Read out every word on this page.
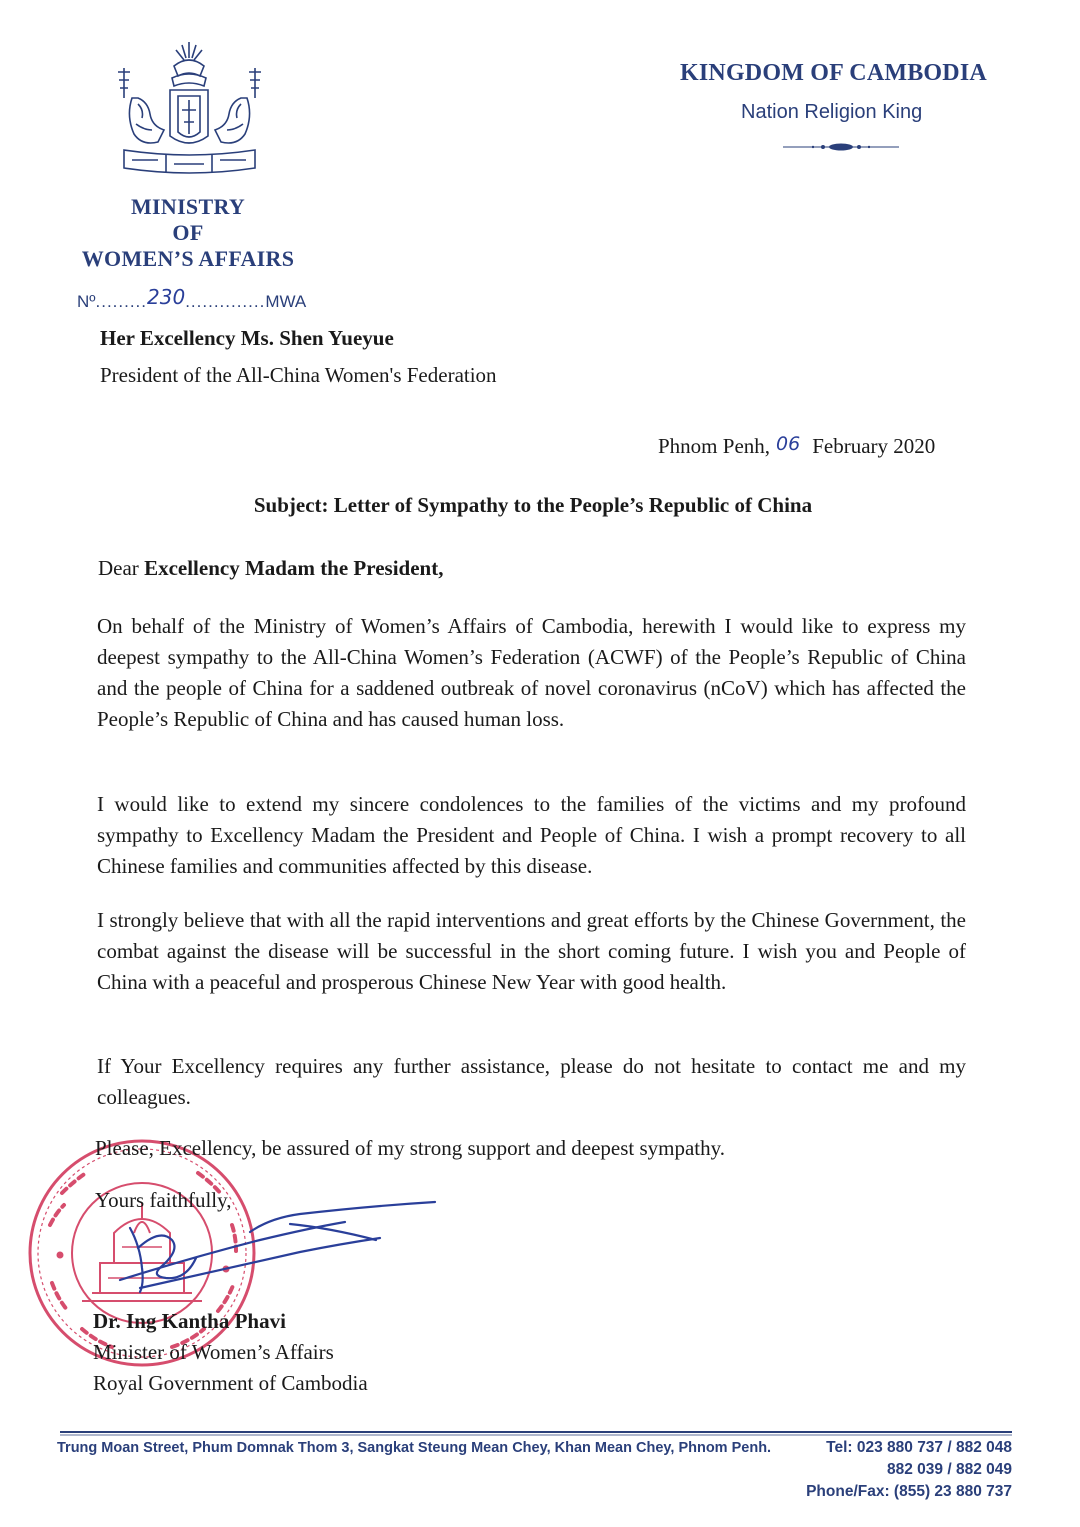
MINISTRY
OF
WOMEN’S AFFAIRS
Nº.........230..............MWA
KINGDOM OF CAMBODIA
Nation Religion King
Her Excellency Ms. Shen Yueyue
President of the All-China Women's Federation
Phnom Penh, 06 February 2020
Subject: Letter of Sympathy to the People’s Republic of China
Dear Excellency Madam the President,
On behalf of the Ministry of Women’s Affairs of Cambodia, herewith I would like to express my deepest sympathy to the All-China Women’s Federation (ACWF) of the People’s Republic of China and the people of China for a saddened outbreak of novel coronavirus (nCoV) which has affected the People’s Republic of China and has caused human loss.
I would like to extend my sincere condolences to the families of the victims and my profound sympathy to Excellency Madam the President and People of China. I wish a prompt recovery to all Chinese families and communities affected by this disease.
I strongly believe that with all the rapid interventions and great efforts by the Chinese Government, the combat against the disease will be successful in the short coming future. I wish you and People of China with a peaceful and prosperous Chinese New Year with good health.
If Your Excellency requires any further assistance, please do not hesitate to contact me and my colleagues.
Please, Excellency, be assured of my strong support and deepest sympathy.
Yours faithfully,
Dr. Ing Kantha Phavi
Minister of Women’s Affairs
Royal Government of Cambodia
Trung Moan Street, Phum Domnak Thom 3, Sangkat Steung Mean Chey, Khan Mean Chey, Phnom Penh.	Tel: 023 880 737 / 882 048
882 039 / 882 049
Phone/Fax: (855) 23 880 737
